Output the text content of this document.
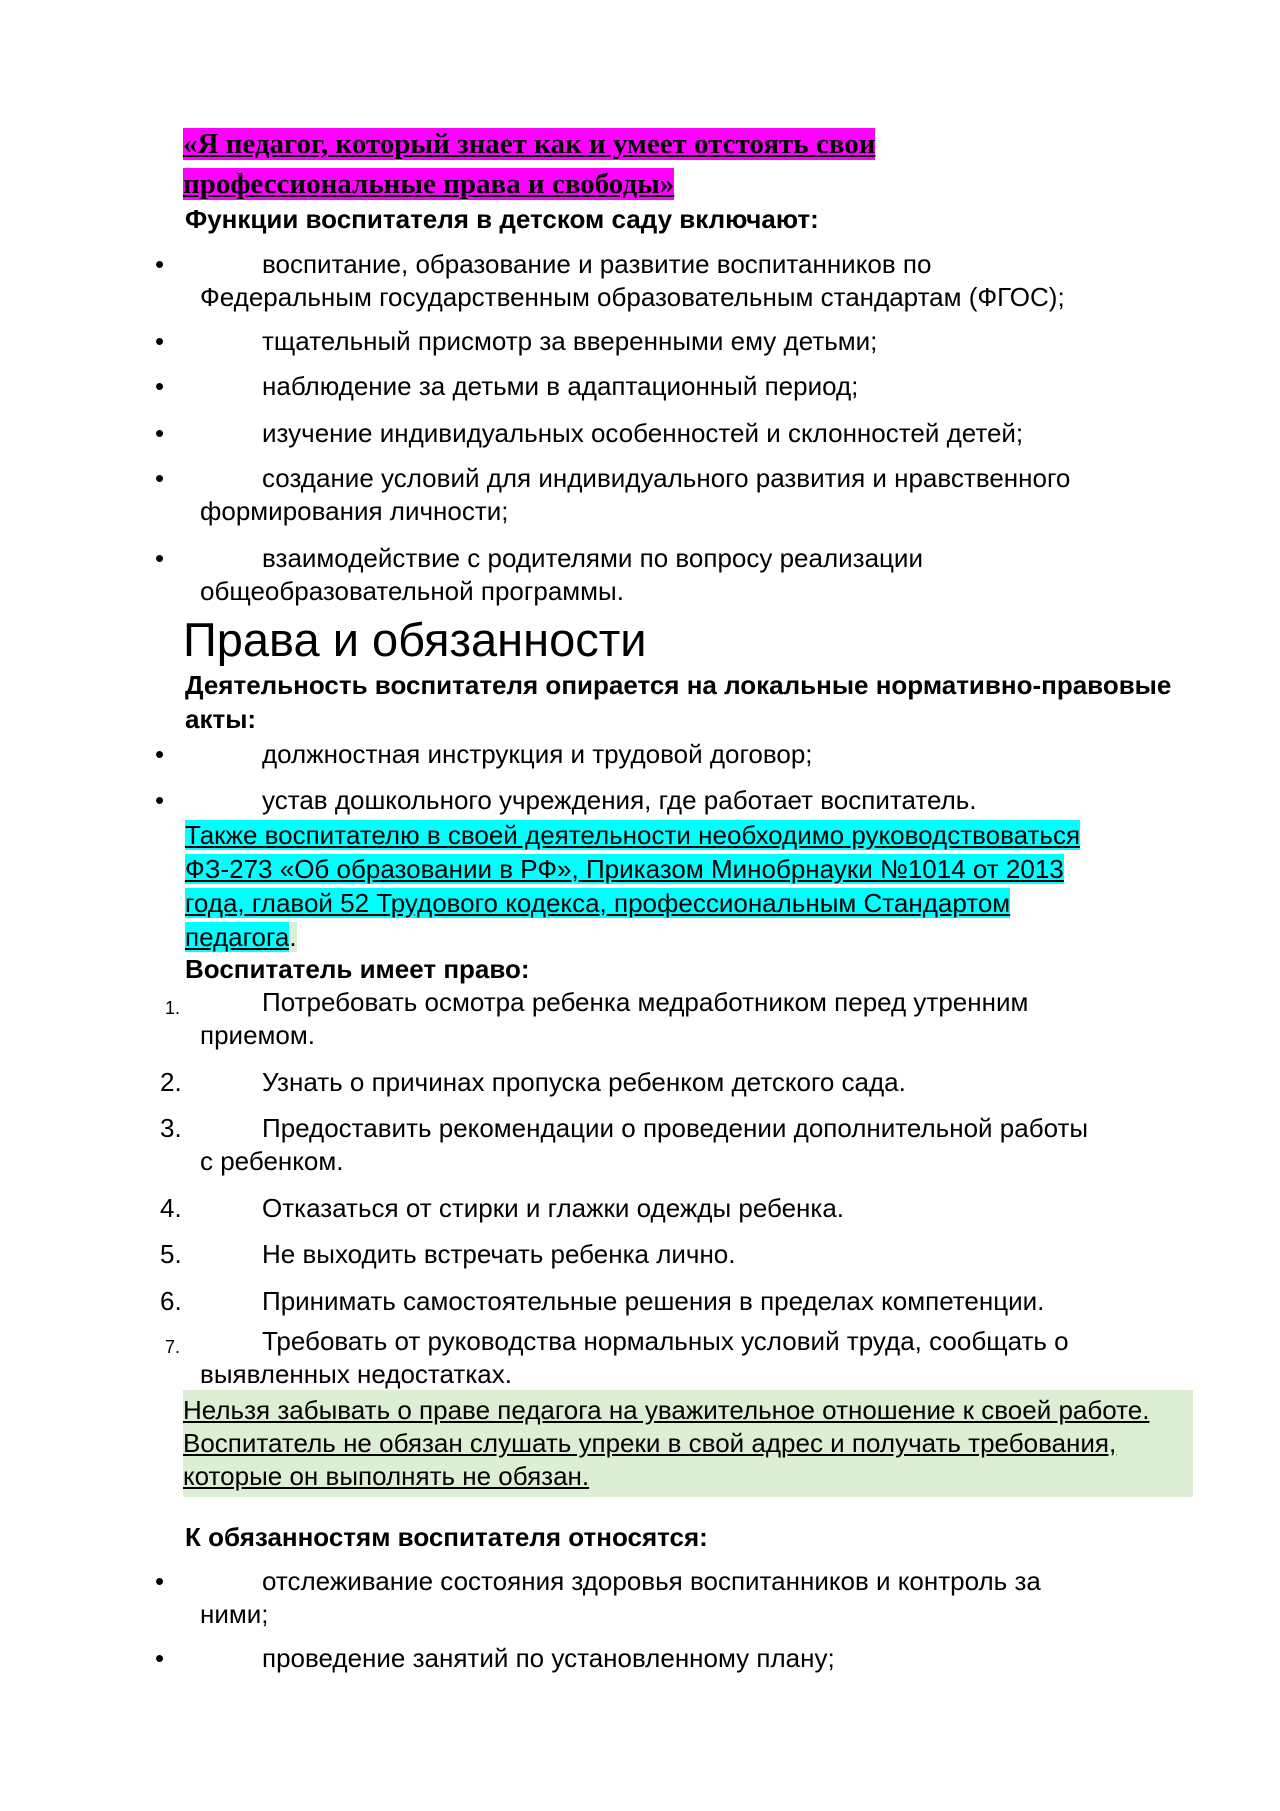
«Я педагог, который знает как и умеет отстоять свои профессиональные права и свободы»
Функции воспитателя в детском саду включают:
•	воспитание, образование и развитие воспитанников по
Федеральным государственным образовательным стандартам (ФГОС);
•	тщательный присмотр за вверенными ему детьми;
•	наблюдение за детьми в адаптационный период;
•	изучение индивидуальных особенностей и склонностей детей;
•	создание условий для индивидуального развития и нравственного
формирования личности;
•	взаимодействие с родителями по вопросу реализации
общеобразовательной программы.
Права и обязанности
Деятельность воспитателя опирается на локальные нормативно-правовые акты:
•	должностная инструкция и трудовой договор;
•	устав дошкольного учреждения, где работает воспитатель.
Также воспитателю в своей деятельности необходимо руководствоваться ФЗ-273 «Об образовании в РФ», Приказом Минобрнауки №1014 от 2013 года, главой 52 Трудового кодекса, профессиональным Стандартом педагога.
Воспитатель имеет право:
1.	Потребовать осмотра ребенка медработником перед утренним
приемом.
2.	Узнать о причинах пропуска ребенком детского сада.
3.	Предоставить рекомендации о проведении дополнительной работы
с ребенком.
4.	Отказаться от стирки и глажки одежды ребенка.
5.	Не выходить встречать ребенка лично.
6.	Принимать самостоятельные решения в пределах компетенции.
7.	Требовать от руководства нормальных условий труда, сообщать о
выявленных недостатках.
Нельзя забывать о праве педагога на уважительное отношение к своей работе. Воспитатель не обязан слушать упреки в свой адрес и получать требования, которые он выполнять не обязан.
К обязанностям воспитателя относятся:
•	отслеживание состояния здоровья воспитанников и контроль за
ними;
•	проведение занятий по установленному плану;
